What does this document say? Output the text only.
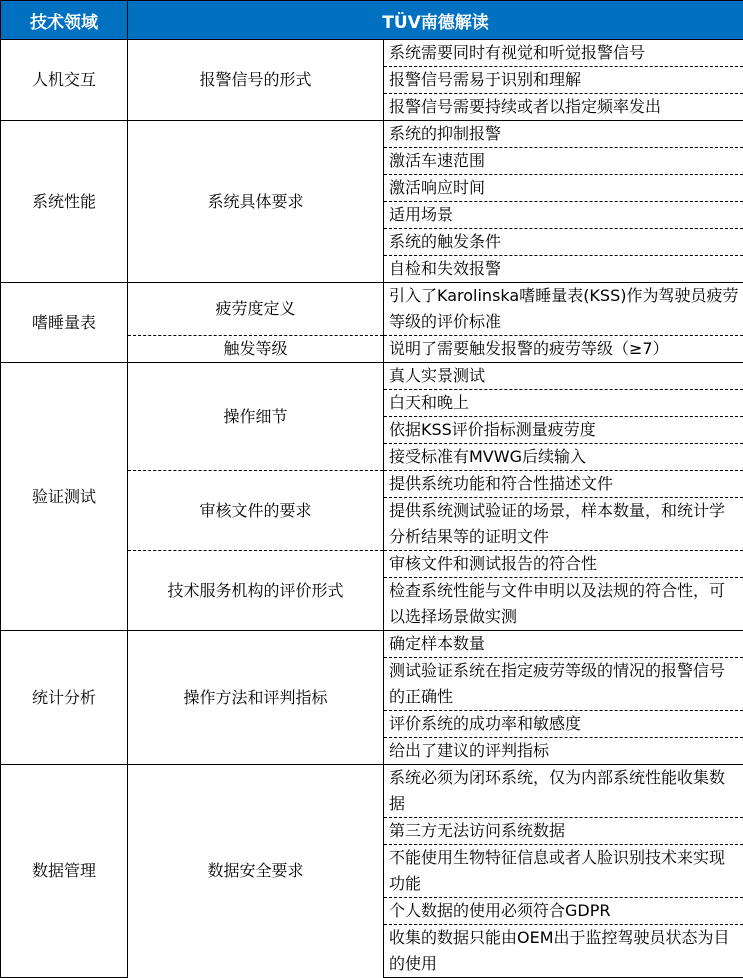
技术领域	TÜV南德解读	
人机交互	报警信号的形式	系统需要同时有视觉和听觉报警信号
		报警信号需易于识别和理解
		报警信号需要持续或者以指定频率发出
系统性能	系统具体要求	系统的抑制报警
		激活车速范围
		激活响应时间
		适用场景
		系统的触发条件
		自检和失效报警
嗜睡量表	疲劳度定义	引入了Karolinska嗜睡量表(KSS)作为驾驶员疲劳等级的评价标准
	触发等级	说明了需要触发报警的疲劳等级（≥7）
验证测试	操作细节	真人实景测试
		白天和晚上
		依据KSS评价指标测量疲劳度
		接受标准有MVWG后续输入
	审核文件的要求	提供系统功能和符合性描述文件
		提供系统测试验证的场景，样本数量，和统计学分析结果等的证明文件
	技术服务机构的评价形式	审核文件和测试报告的符合性
		检查系统性能与文件申明以及法规的符合性，可以选择场景做实测
统计分析	操作方法和评判指标	确定样本数量
		测试验证系统在指定疲劳等级的情况的报警信号的正确性
		评价系统的成功率和敏感度
		给出了建议的评判指标
数据管理	数据安全要求	系统必须为闭环系统，仅为内部系统性能收集数据
		第三方无法访问系统数据
		不能使用生物特征信息或者人脸识别技术来实现功能
		个人数据的使用必须符合GDPR
		收集的数据只能由OEM出于监控驾驶员状态为目的使用
